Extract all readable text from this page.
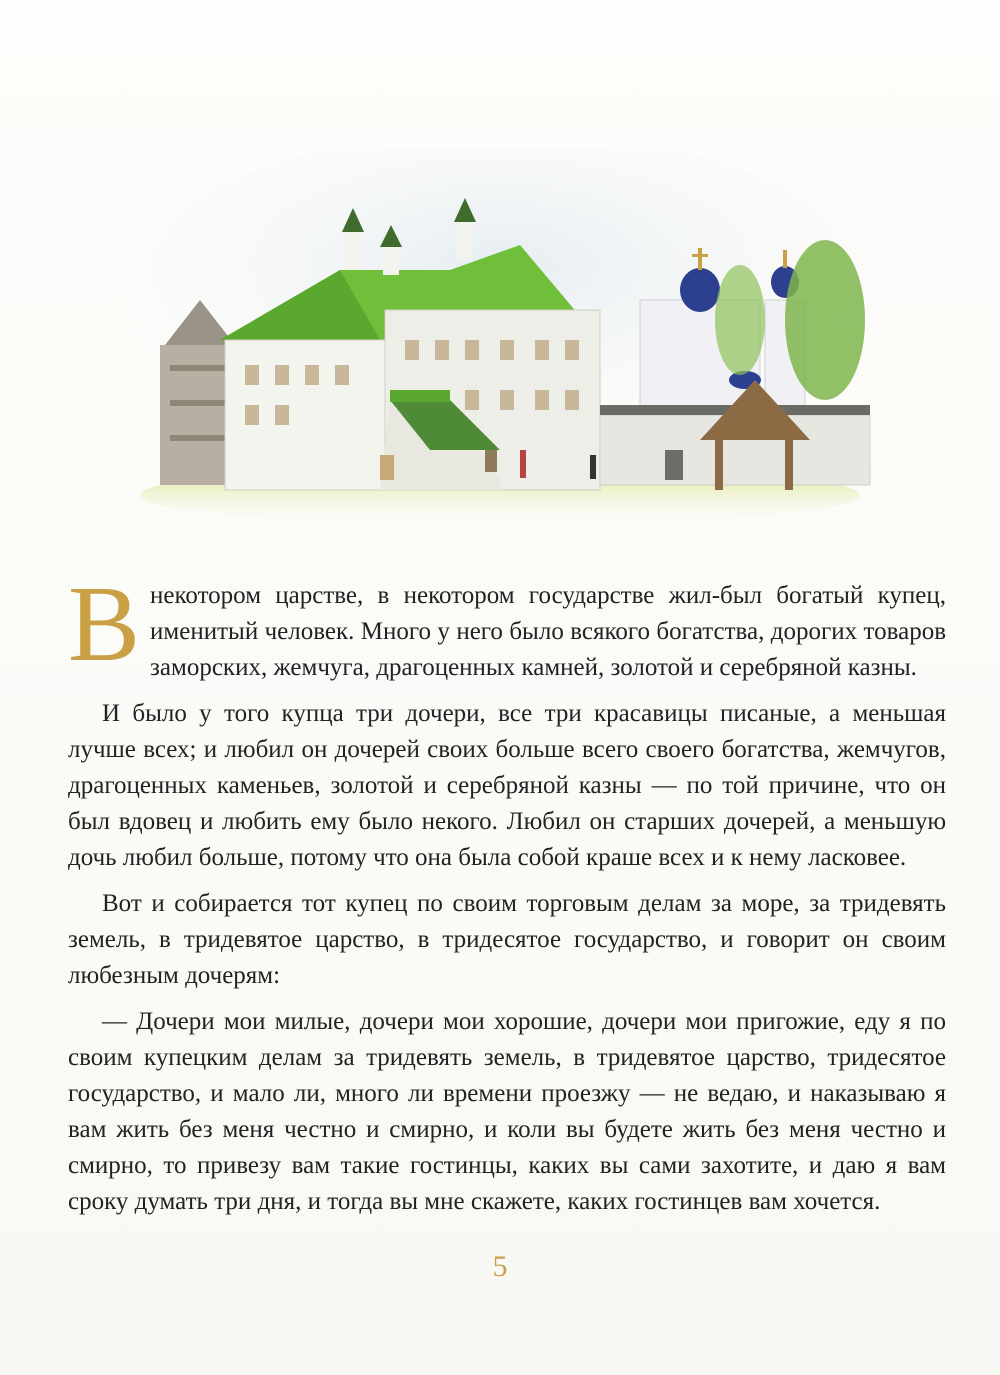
В некотором царстве, в некотором государстве жил-был богатый купец, именитый человек. Много у него было всякого богатства, дорогих товаров заморских, жемчуга, драгоценных камней, золотой и серебряной казны.

И было у того купца три дочери, все три красавицы писаные, а меньшая лучше всех; и любил он дочерей своих больше всего своего богатства, жемчугов, драгоценных каменьев, золотой и серебряной казны — по той причине, что он был вдовец и любить ему было некого. Любил он старших дочерей, а меньшую дочь любил больше, потому что она была собой краше всех и к нему ласковее.

Вот и собирается тот купец по своим торговым делам за море, за тридевять земель, в тридевятое царство, в тридесятое государство, и говорит он своим любезным дочерям:

— Дочери мои милые, дочери мои хорошие, дочери мои пригожие, еду я по своим купецким делам за тридевять земель, в тридевятое царство, тридесятое государство, и мало ли, много ли времени проезжу — не ведаю, и наказываю я вам жить без меня честно и смирно, и коли вы будете жить без меня честно и смирно, то привезу вам такие гостинцы, каких вы сами захотите, и даю я вам сроку думать три дня, и тогда вы мне скажете, каких гостинцев вам хочется.

5
